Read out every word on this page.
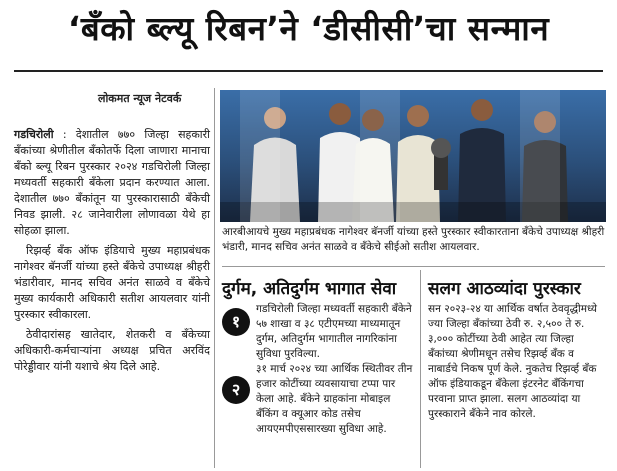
‘बँको ब्ल्यू रिबन’ने ‘डीसीसी’चा सन्मान
लोकमत न्यूज नेटवर्क
आरबीआयचे मुख्य महाप्रबंधक नागेश्वर बॅनर्जी यांच्या हस्ते पुरस्कार स्वीकारताना बँकेचे उपाध्यक्ष श्रीहरी भंडारी, मानद सचिव अनंत साळवे व बँकेचे सीईओ सतीश आयलवार.

गडचिरोली : देशातील ७७० जिल्हा सहकारी बँकांच्या श्रेणीतील बँकोतर्फे दिला जाणारा मानाचा बँको ब्ल्यू रिबन पुरस्कार २०२४ गडचिरोली जिल्हा मध्यवर्ती सहकारी बँकेला प्रदान करण्यात आला. देशातील ७७० बँकांतून या पुरस्कारासाठी बँकेची निवड झाली. २८ जानेवारीला लोणावळा येथे हा सोहळा झाला.

रिझर्व्ह बँक ऑफ इंडियाचे मुख्य महाप्रबंधक नागेश्वर बॅनर्जी यांच्या हस्ते बँकेचे उपाध्यक्ष श्रीहरी भंडारीवार, मानद सचिव अनंत साळवे व बँकेचे मुख्य कार्यकारी अधिकारी सतीश आयलवार यांनी पुरस्कार स्वीकारला.

ठेवीदारांसह खातेदार, शेतकरी व बँकेच्या अधिकारी-कर्मचाऱ्यांना अध्यक्ष प्रचित अरविंद पोरेड्डीवार यांनी यशाचे श्रेय दिले आहे.

दुर्गम, अतिदुर्गम भागात सेवा
१
गडचिरोली जिल्हा मध्यवर्ती सहकारी बँकेने ५७ शाखा व ३८ एटीएमच्या माध्यमातून दुर्गम, अतिदुर्गम भागातील नागरिकांना सुविधा पुरविल्या.
२
३१ मार्च २०२४ च्या आर्थिक स्थितीवर तीन हजार कोटींच्या व्यवसायाचा टप्पा पार केला आहे. बँकेने ग्राहकांना मोबाइल बँकिंग व क्यूआर कोड तसेच आयएमपीएससारख्या सुविधा आहे.
सलग आठव्यांदा पुरस्कार
सन २०२३-२४ या आर्थिक वर्षात ठेववृद्धीमध्ये ज्या जिल्हा बँकांच्या ठेवी रु. २,५०० ते रु. ३,००० कोटींच्या ठेवी आहेत त्या जिल्हा बँकांच्या श्रेणीमधून तसेच रिझर्व्ह बँक व नाबार्डचे निकष पूर्ण केले. नुकतेच रिझर्व्ह बँक ऑफ इंडियाकडून बँकेला इंटरनेट बँकिंगचा परवाना प्राप्त झाला. सलग आठव्यांदा या पुरस्काराने बँकेने नाव कोरले.
